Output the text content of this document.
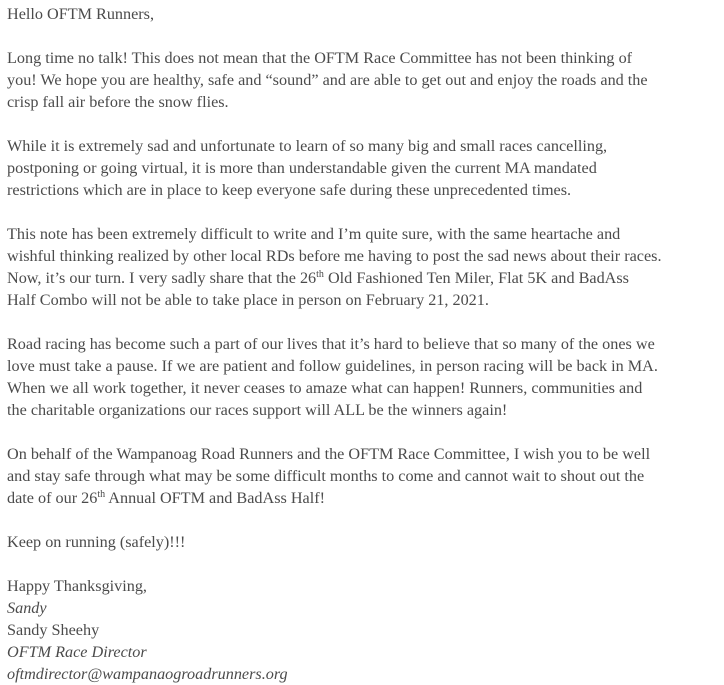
Hello OFTM Runners,

Long time no talk! This does not mean that the OFTM Race Committee has not been thinking of
you! We hope you are healthy, safe and “sound” and are able to get out and enjoy the roads and the
crisp fall air before the snow flies.

While it is extremely sad and unfortunate to learn of so many big and small races cancelling,
postponing or going virtual, it is more than understandable given the current MA mandated
restrictions which are in place to keep everyone safe during these unprecedented times.

This note has been extremely difficult to write and I’m quite sure, with the same heartache and
wishful thinking realized by other local RDs before me having to post the sad news about their races.
Now, it’s our turn. I very sadly share that the 26th Old Fashioned Ten Miler, Flat 5K and BadAss
Half Combo will not be able to take place in person on February 21, 2021.

Road racing has become such a part of our lives that it’s hard to believe that so many of the ones we
love must take a pause. If we are patient and follow guidelines, in person racing will be back in MA.
When we all work together, it never ceases to amaze what can happen! Runners, communities and
the charitable organizations our races support will ALL be the winners again!

On behalf of the Wampanoag Road Runners and the OFTM Race Committee, I wish you to be well
and stay safe through what may be some difficult months to come and cannot wait to shout out the
date of our 26th Annual OFTM and BadAss Half!

Keep on running (safely)!!!

Happy Thanksgiving,
Sandy
Sandy Sheehy
OFTM Race Director
oftmdirector@wampanaogroadrunners.org
